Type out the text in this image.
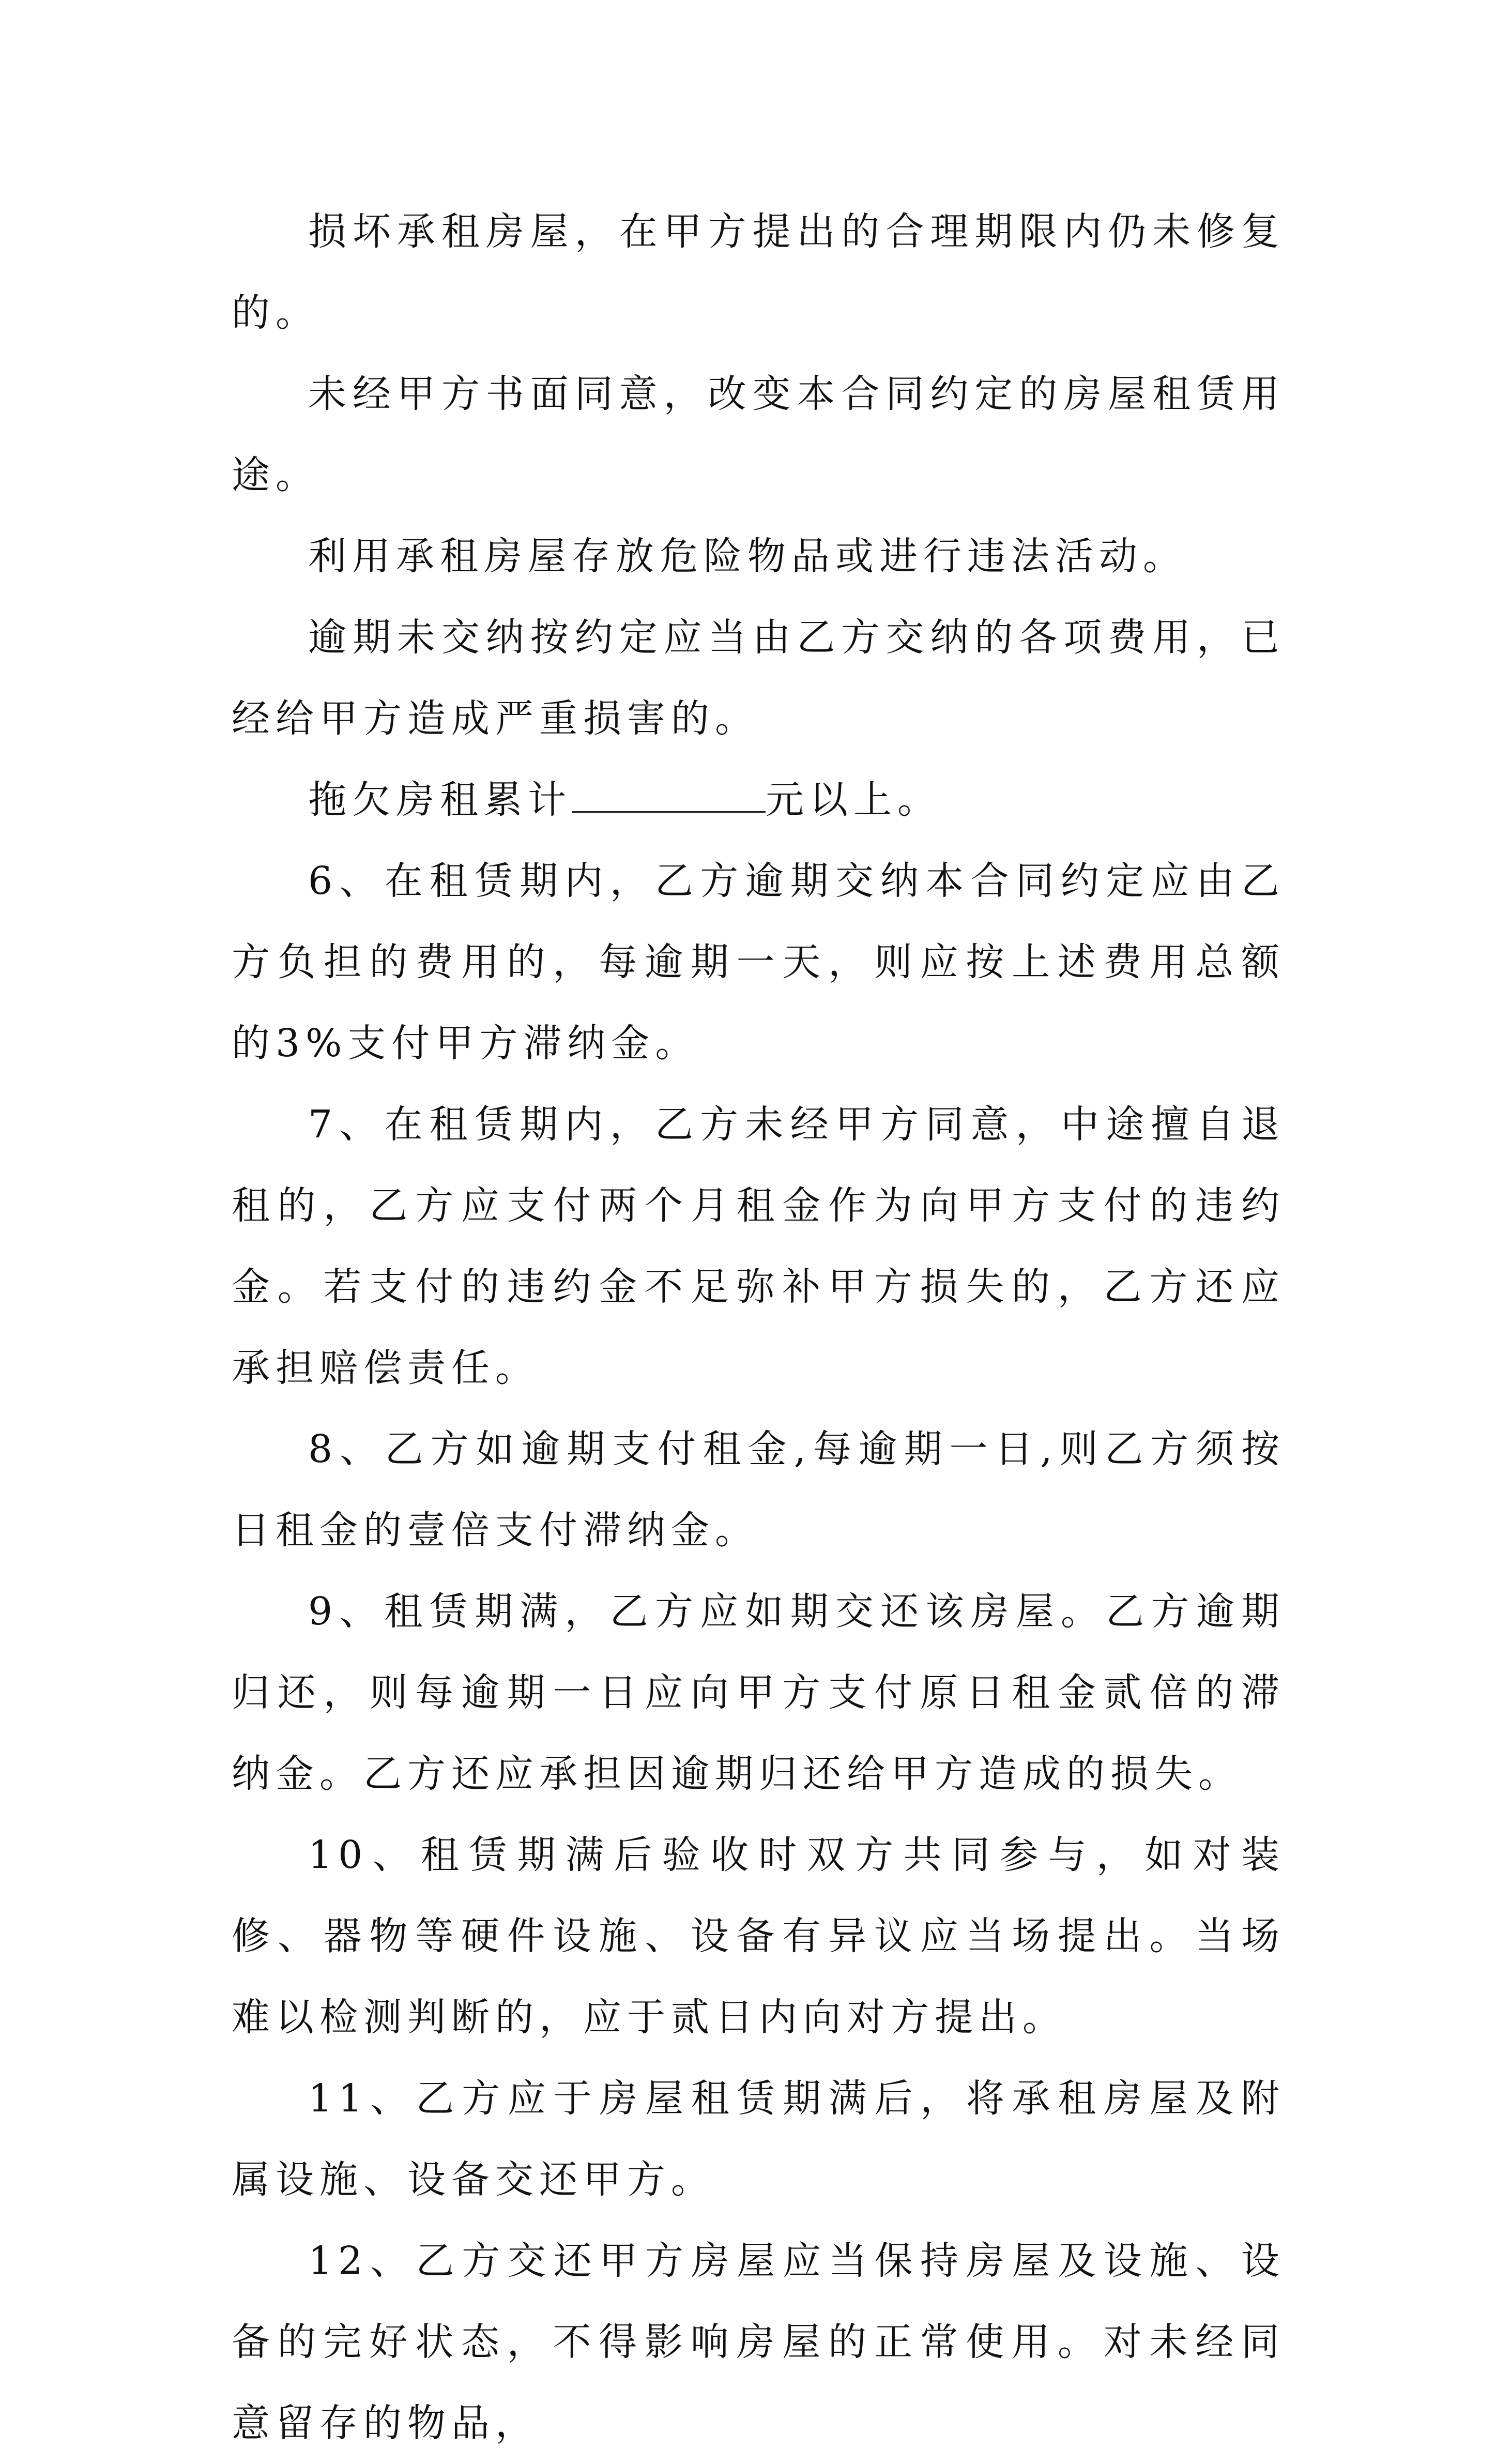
损坏承租房屋，在甲方提出的合理期限内仍未修复的。

未经甲方书面同意，改变本合同约定的房屋租赁用途。

利用承租房屋存放危险物品或进行违法活动。

逾期未交纳按约定应当由乙方交纳的各项费用，已经给甲方造成严重损害的。

拖欠房租累计	元以上。

6、在租赁期内，乙方逾期交纳本合同约定应由乙方负担的费用的，每逾期一天，则应按上述费用总额的3%支付甲方滞纳金。

7、在租赁期内，乙方未经甲方同意，中途擅自退租的，乙方应支付两个月租金作为向甲方支付的违约金。若支付的违约金不足弥补甲方损失的，乙方还应承担赔偿责任。

8、乙方如逾期支付租金,每逾期一日,则乙方须按日租金的壹倍支付滞纳金。

9、租赁期满，乙方应如期交还该房屋。乙方逾期归还，则每逾期一日应向甲方支付原日租金贰倍的滞纳金。乙方还应承担因逾期归还给甲方造成的损失。

10、租赁期满后验收时双方共同参与，如对装修、器物等硬件设施、设备有异议应当场提出。当场难以检测判断的，应于贰日内向对方提出。

11、乙方应于房屋租赁期满后，将承租房屋及附属设施、设备交还甲方。

12、乙方交还甲方房屋应当保持房屋及设施、设备的完好状态，不得影响房屋的正常使用。对未经同意留存的物品，
